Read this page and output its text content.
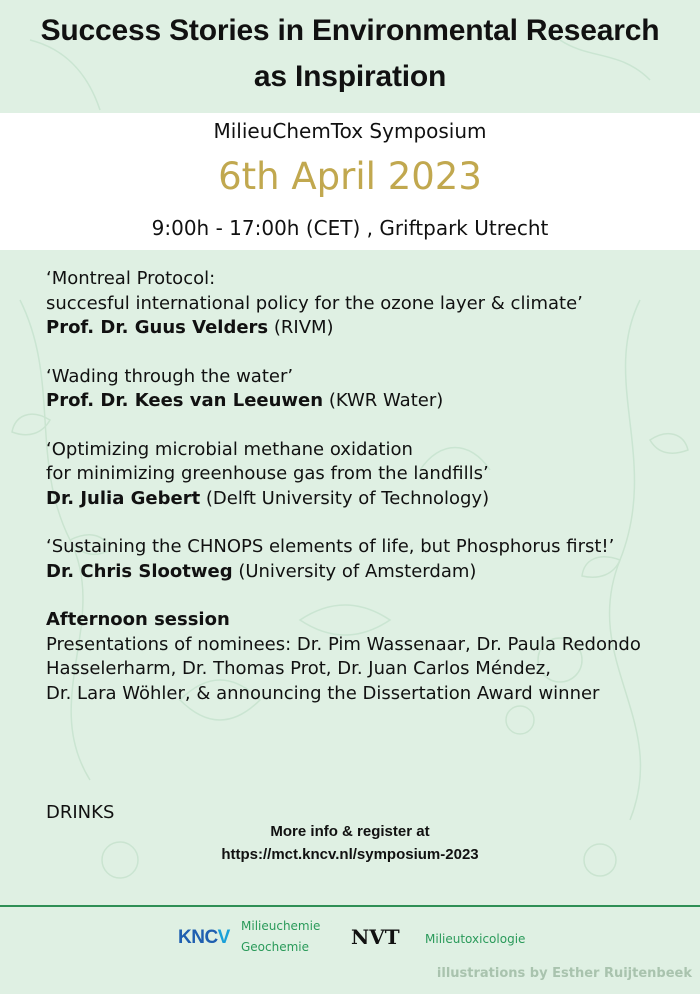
Success Stories in Environmental Research
as Inspiration
MilieuChemTox Symposium
6th April 2023
9:00h - 17:00h (CET) , Griftpark Utrecht
‘Montreal Protocol:
succesful international policy for the ozone layer & climate’
Prof. Dr. Guus Velders (RIVM)
‘Wading through the water’
Prof. Dr. Kees van Leeuwen (KWR Water)
‘Optimizing microbial methane oxidation
for minimizing greenhouse gas from the landfills’
Dr. Julia Gebert (Delft University of Technology)
‘Sustaining the CHNOPS elements of life, but Phosphorus first!’
Dr. Chris Slootweg (University of Amsterdam)
Afternoon session
Presentations of nominees: Dr. Pim Wassenaar, Dr. Paula Redondo
Hasselerharm, Dr. Thomas Prot, Dr. Juan Carlos Méndez,
Dr. Lara Wöhler, & announcing the Dissertation Award winner
DRINKS
More info & register at
https://mct.kncv.nl/symposium-2023
KNCV
Milieuchemie
Geochemie	NVT Milieutoxicologie
illustrations by Esther Ruijtenbeek
